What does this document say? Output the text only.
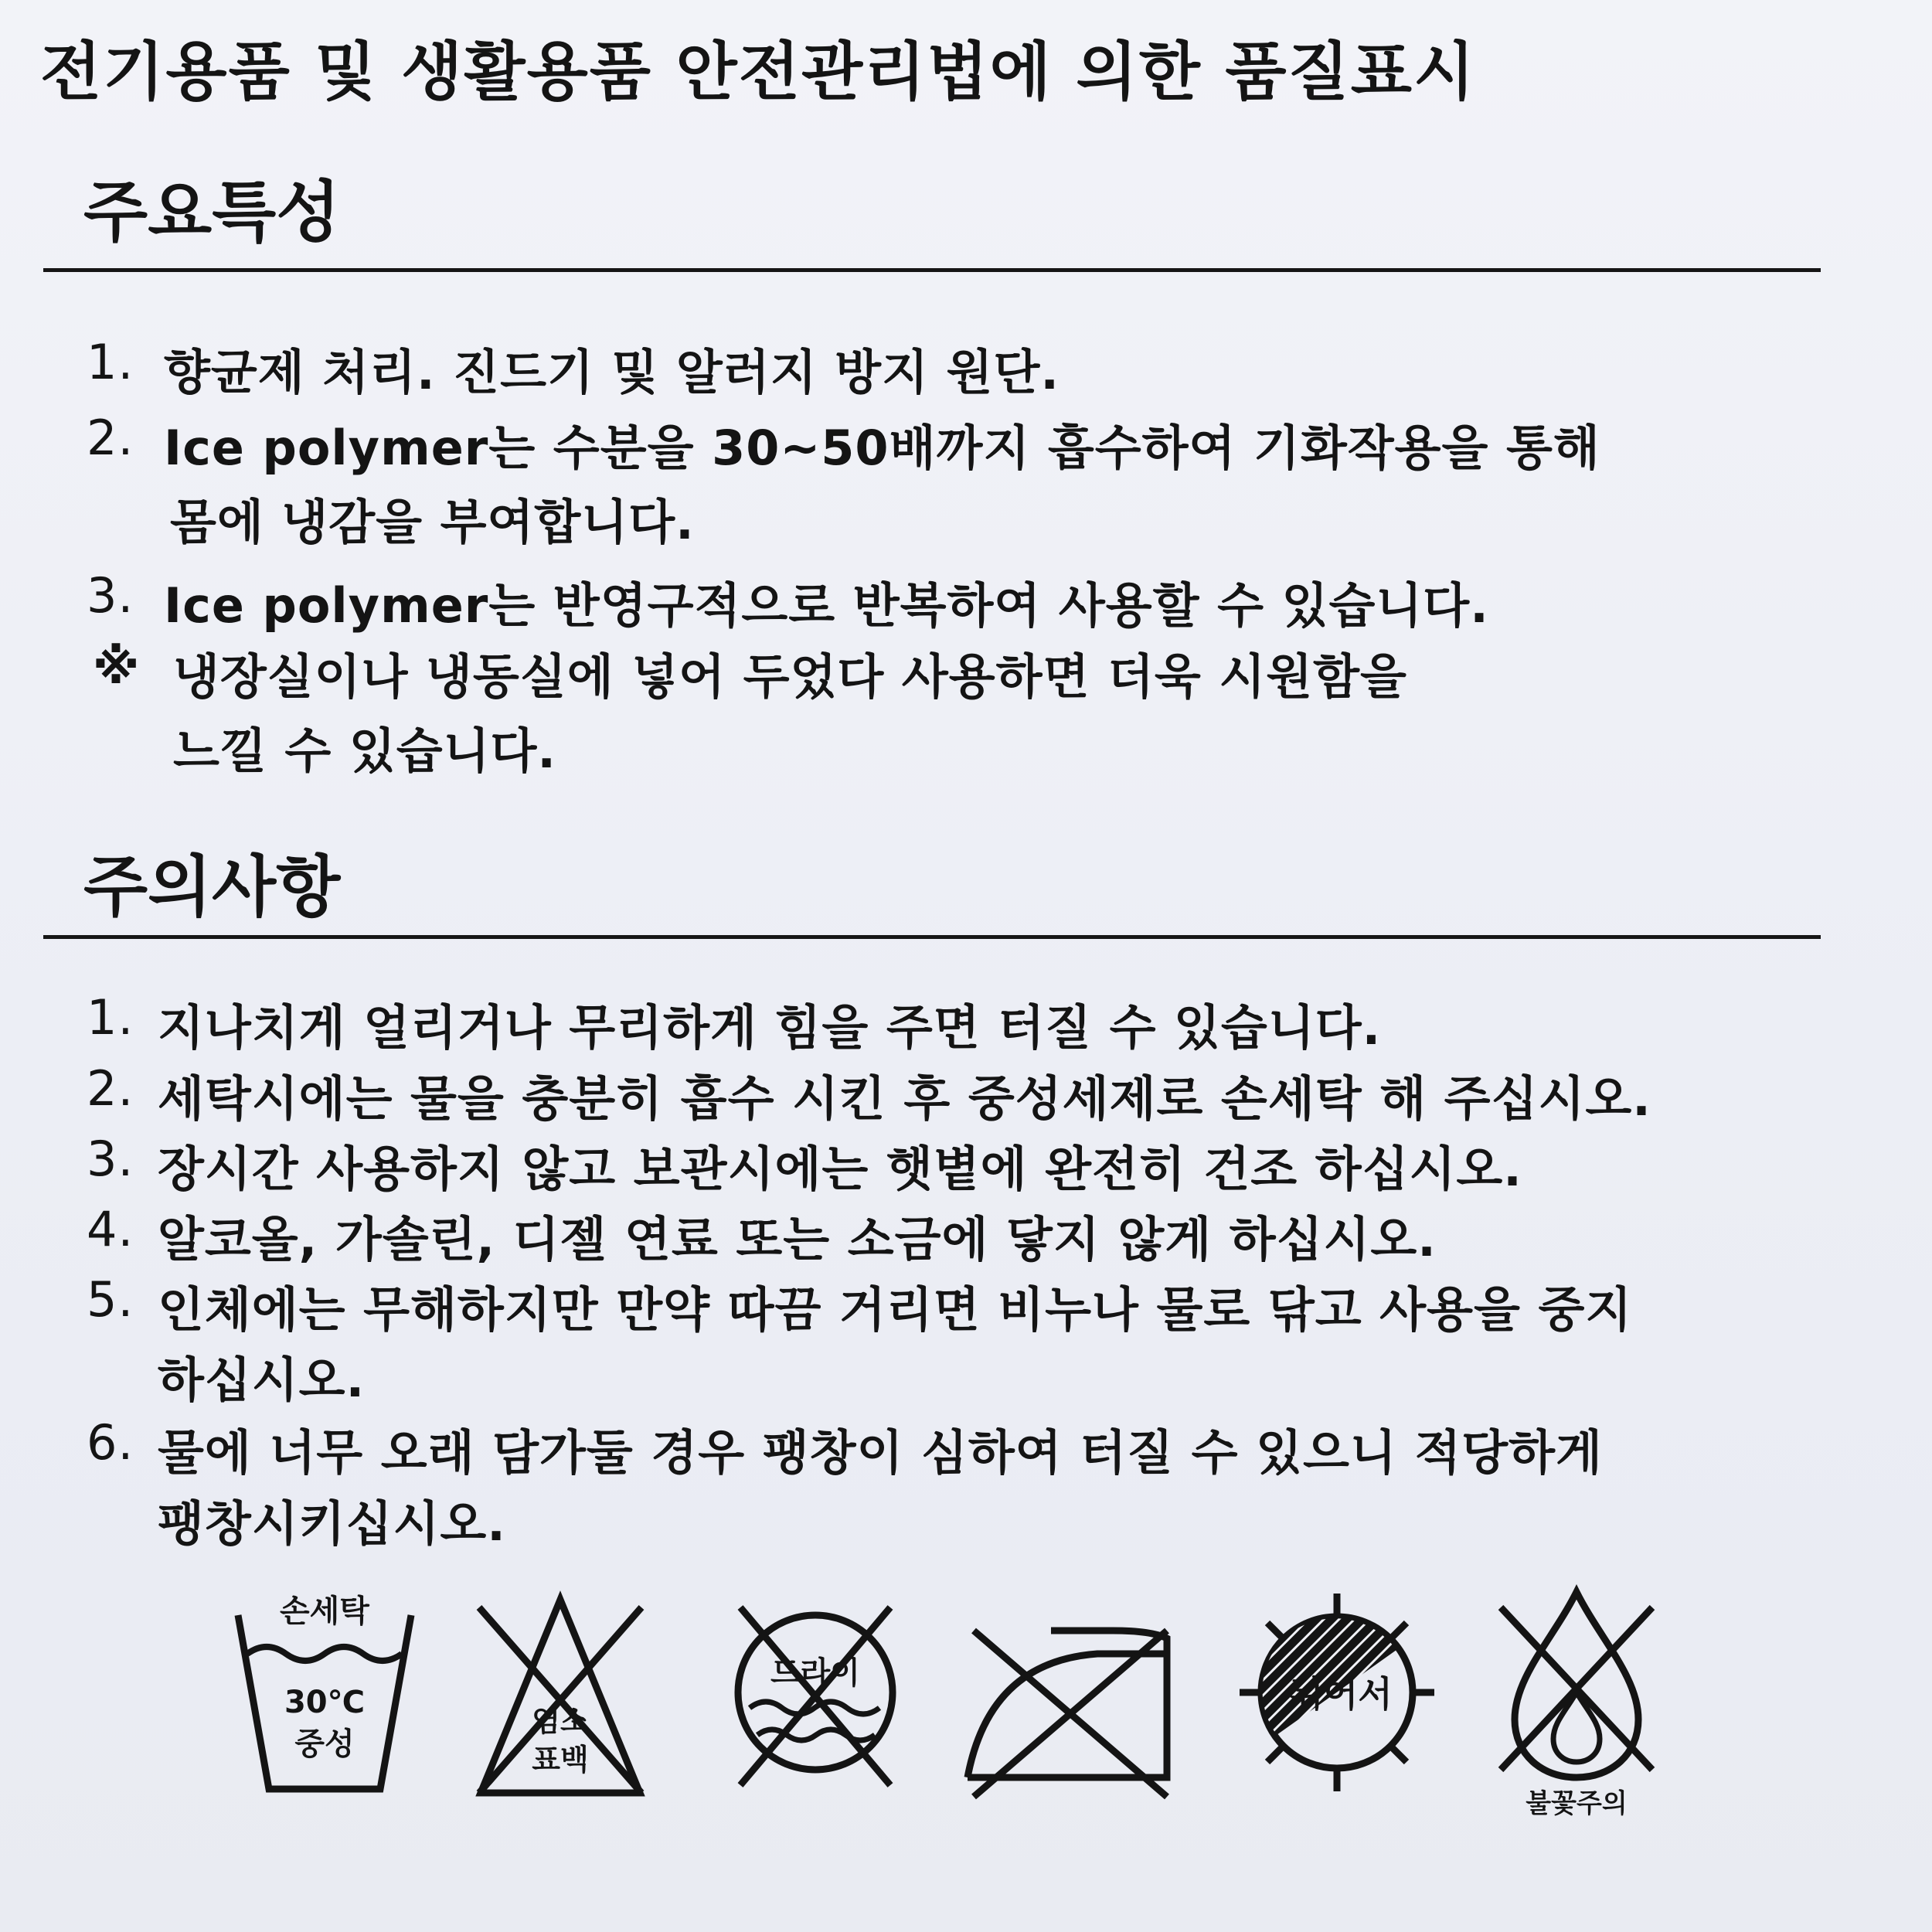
전기용품 및 생활용품 안전관리법에 의한 품질표시
주요특성
1. 향균제 처리. 진드기 및 알러지 방지 원단.
2. Ice polymer는 수분을 30~50배까지 흡수하여 기화작용을 통해
몸에 냉감을 부여합니다.
3. Ice polymer는 반영구적으로 반복하여 사용할 수 있습니다.
※ 냉장실이나 냉동실에 넣어 두었다 사용하면 더욱 시원함을
느낄 수 있습니다.
주의사항
1. 지나치게 얼리거나 무리하게 힘을 주면 터질 수 있습니다.
2. 세탁시에는 물을 충분히 흡수 시킨 후 중성세제로 손세탁 해 주십시오.
3. 장시간 사용하지 않고 보관시에는 햇볕에 완전히 건조 하십시오.
4. 알코올, 가솔린, 디젤 연료 또는 소금에 닿지 않게 하십시오.
5. 인체에는 무해하지만 만약 따끔 거리면 비누나 물로 닦고 사용을 중지
하십시오.
6. 물에 너무 오래 담가둘 경우 팽창이 심하여 터질 수 있으니 적당하게
팽창시키십시오.
손세탁
30℃
중성
염소
표백
드라이	뉘어서
불꽃주의
